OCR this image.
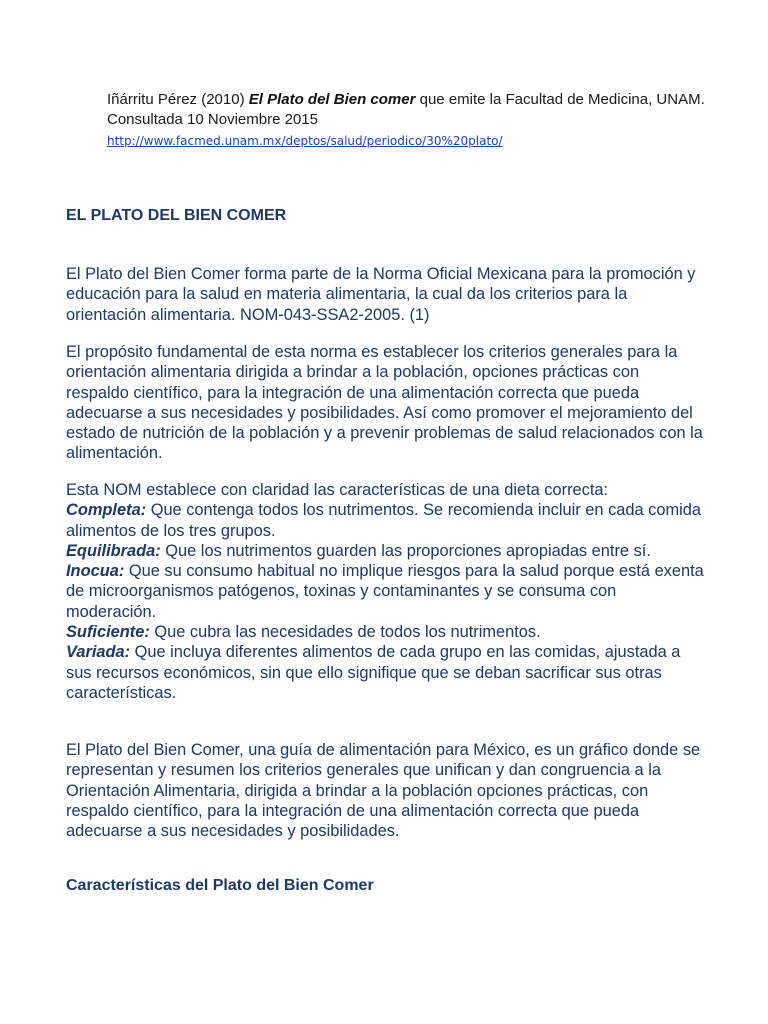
Iñárritu Pérez (2010) El Plato del Bien comer que emite la Facultad de Medicina, UNAM. Consultada 10 Noviembre 2015
http://www.facmed.unam.mx/deptos/salud/periodico/30%20plato/
EL PLATO DEL BIEN COMER

El Plato del Bien Comer forma parte de la Norma Oficial Mexicana para la promoción y educación para la salud en materia alimentaria, la cual da los criterios para la orientación alimentaria. NOM-043-SSA2-2005. (1)

El propósito fundamental de esta norma es establecer los criterios generales para la orientación alimentaria dirigida a brindar a la población, opciones prácticas con respaldo científico, para la integración de una alimentación correcta que pueda adecuarse a sus necesidades y posibilidades. Así como promover el mejoramiento del estado de nutrición de la población y a prevenir problemas de salud relacionados con la alimentación.

Esta NOM establece con claridad las características de una dieta correcta:
Completa: Que contenga todos los nutrimentos. Se recomienda incluir en cada comida alimentos de los tres grupos.
Equilibrada: Que los nutrimentos guarden las proporciones apropiadas entre sí.
Inocua: Que su consumo habitual no implique riesgos para la salud porque está exenta de microorganismos patógenos, toxinas y contaminantes y se consuma con moderación.
Suficiente: Que cubra las necesidades de todos los nutrimentos.
Variada: Que incluya diferentes alimentos de cada grupo en las comidas, ajustada a sus recursos económicos, sin que ello signifique que se deban sacrificar sus otras características.

El Plato del Bien Comer, una guía de alimentación para México, es un gráfico donde se representan y resumen los criterios generales que unifican y dan congruencia a la Orientación Alimentaria, dirigida a brindar a la población opciones prácticas, con respaldo científico, para la integración de una alimentación correcta que pueda adecuarse a sus necesidades y posibilidades.

Características del Plato del Bien Comer
